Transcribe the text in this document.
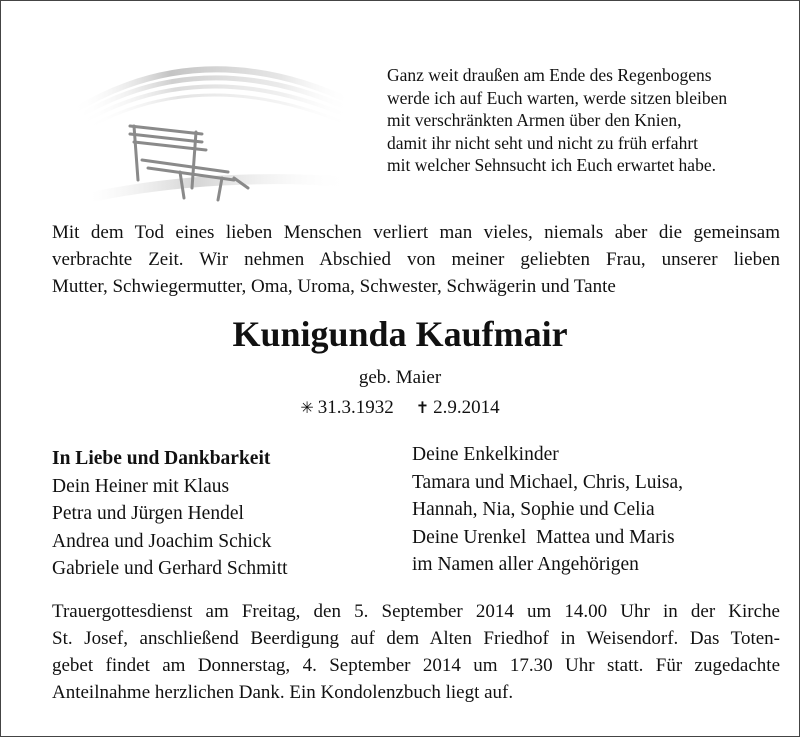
Ganz weit draußen am Ende des Regenbogens
werde ich auf Euch warten, werde sitzen bleiben
mit verschränkten Armen über den Knien,
damit ihr nicht seht und nicht zu früh erfahrt
mit welcher Sehnsucht ich Euch erwartet habe.
Mit dem Tod eines lieben Menschen verliert man vieles, niemals aber die gemeinsam
verbrachte Zeit. Wir nehmen Abschied von meiner geliebten Frau, unserer lieben
Mutter, Schwiegermutter, Oma, Uroma, Schwester, Schwägerin und Tante
Kunigunda Kaufmair
geb. Maier
✳ 31.3.1932 ✝ 2.9.2014
In Liebe und Dankbarkeit
Dein Heiner mit Klaus
Petra und Jürgen Hendel
Andrea und Joachim Schick
Gabriele und Gerhard Schmitt
Deine Enkelkinder
Tamara und Michael, Chris, Luisa,
Hannah, Nia, Sophie und Celia
Deine Urenkel  Mattea und Maris
im Namen aller Angehörigen
Trauergottesdienst am Freitag, den 5. September 2014 um 14.00 Uhr in der Kirche
St. Josef, anschließend Beerdigung auf dem Alten Friedhof in Weisendorf. Das Toten-
gebet findet am Donnerstag, 4. September 2014 um 17.30 Uhr statt. Für zugedachte
Anteilnahme herzlichen Dank. Ein Kondolenzbuch liegt auf.
